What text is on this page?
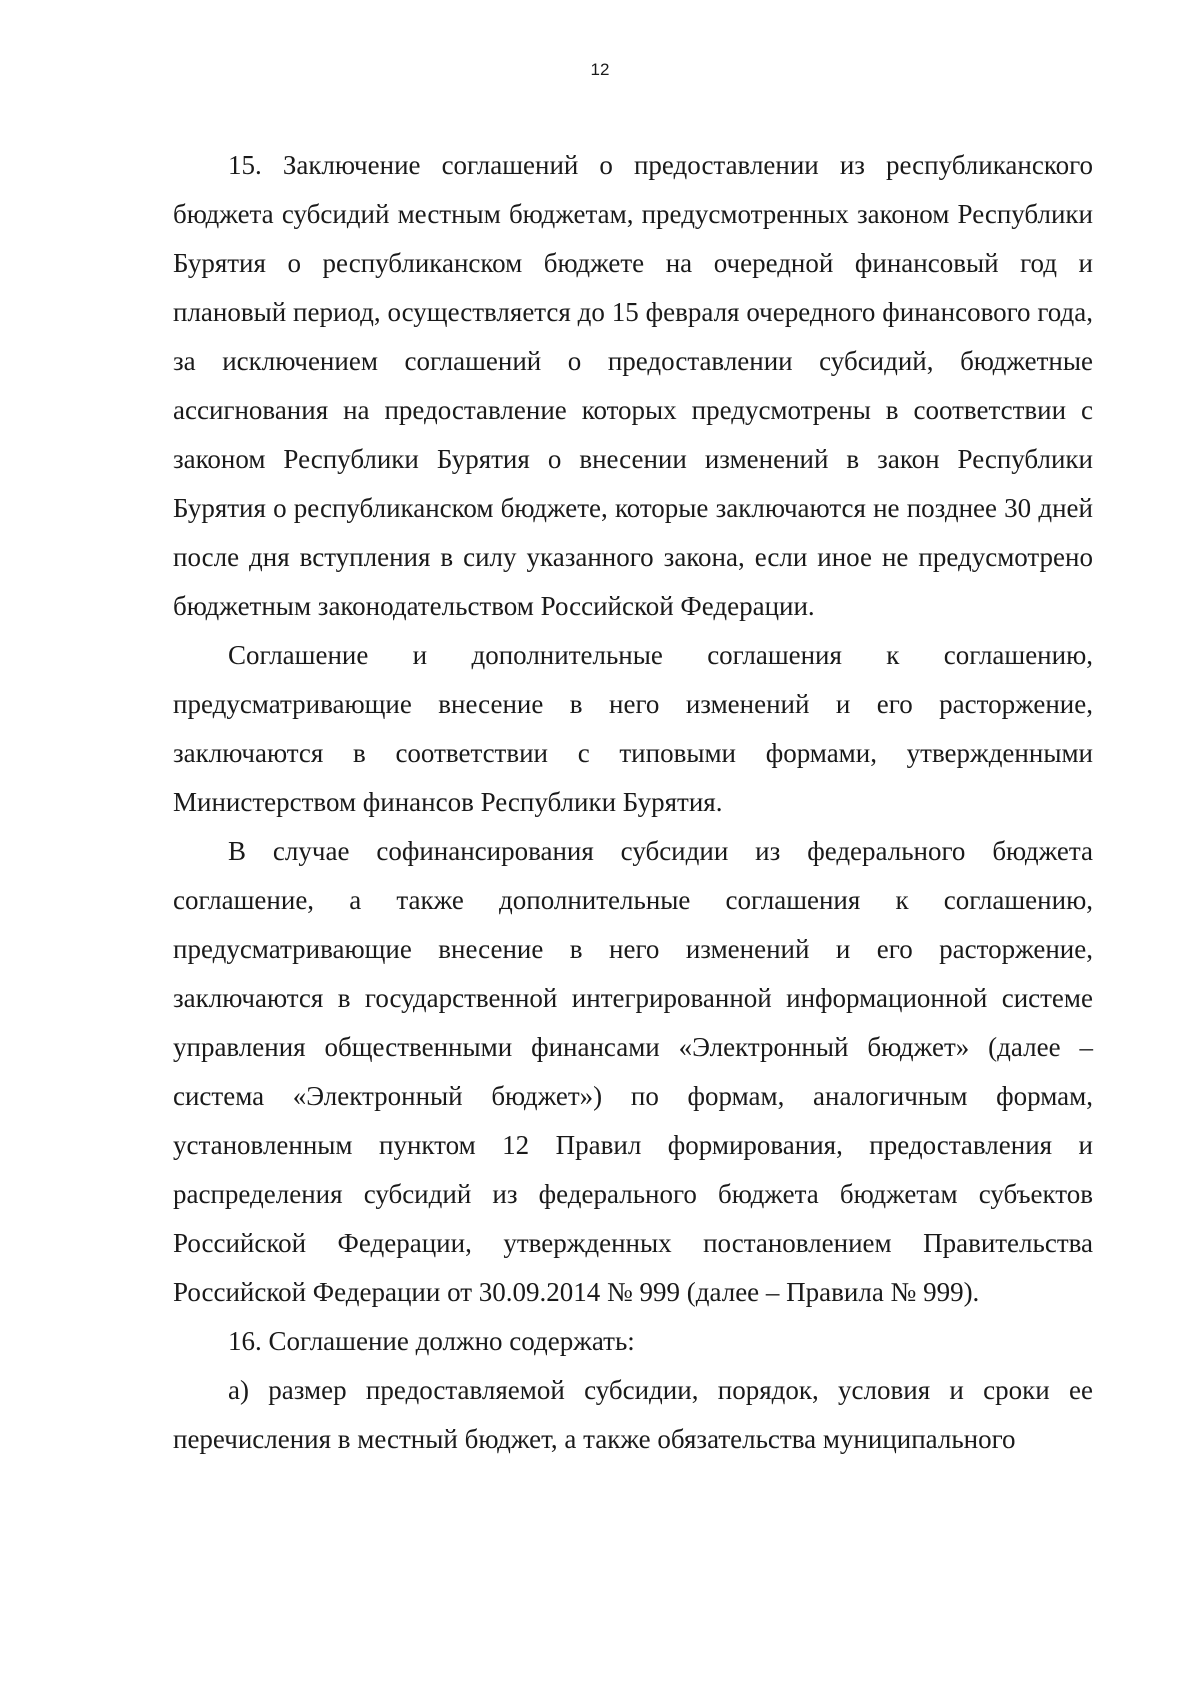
12

15. Заключение соглашений о предоставлении из республиканского бюджета субсидий местным бюджетам, предусмотренных законом Республики Бурятия о республиканском бюджете на очередной финансовый год и плановый период, осуществляется до 15 февраля очередного финансового года, за исключением соглашений о предоставлении субсидий, бюджетные ассигнования на предоставление которых предусмотрены в соответствии с законом Республики Бурятия о внесении изменений в закон Республики Бурятия о республиканском бюджете, которые заключаются не позднее 30 дней после дня вступления в силу указанного закона, если иное не предусмотрено бюджетным законодательством Российской Федерации.

Соглашение и дополнительные соглашения к соглашению, предусматривающие внесение в него изменений и его расторжение, заключаются в соответствии с типовыми формами, утвержденными Министерством финансов Республики Бурятия.

В случае софинансирования субсидии из федерального бюджета соглашение, а также дополнительные соглашения к соглашению, предусматривающие внесение в него изменений и его расторжение, заключаются в государственной интегрированной информационной системе управления общественными финансами «Электронный бюджет» (далее – система «Электронный бюджет») по формам, аналогичным формам, установленным пунктом 12 Правил формирования, предоставления и распределения субсидий из федерального бюджета бюджетам субъектов Российской Федерации, утвержденных постановлением Правительства Российской Федерации от 30.09.2014 № 999 (далее – Правила № 999).

16. Соглашение должно содержать:

а) размер предоставляемой субсидии, порядок, условия и сроки ее перечисления в местный бюджет, а также обязательства муниципального
